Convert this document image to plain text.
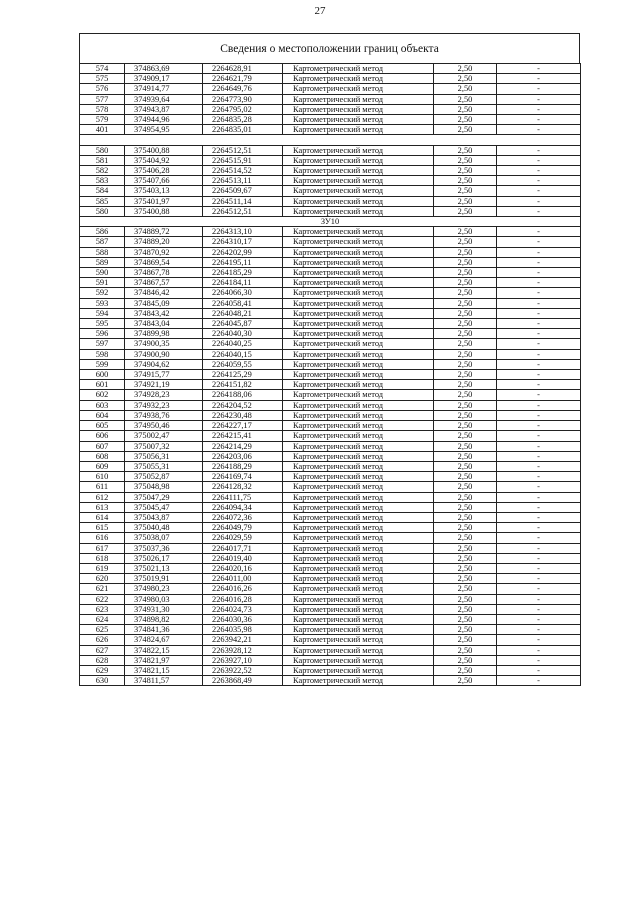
27
Сведения о местоположении границ объекта
574	374863,69	2264628,91	Картометрический метод	2,50	-
575	374909,17	2264621,79	Картометрический метод	2,50	-
576	374914,77	2264649,76	Картометрический метод	2,50	-
577	374939,64	2264773,90	Картометрический метод	2,50	-
578	374943,87	2264795,02	Картометрический метод	2,50	-
579	374944,96	2264835,28	Картометрический метод	2,50	-
401	374954,95	2264835,01	Картометрический метод	2,50	-

580	375400,88	2264512,51	Картометрический метод	2,50	-
581	375404,92	2264515,91	Картометрический метод	2,50	-
582	375406,28	2264514,52	Картометрический метод	2,50	-
583	375407,66	2264513,11	Картометрический метод	2,50	-
584	375403,13	2264509,67	Картометрический метод	2,50	-
585	375401,97	2264511,14	Картометрический метод	2,50	-
580	375400,88	2264512,51	Картометрический метод	2,50	-
ЗУ10					
586	374889,72	2264313,10	Картометрический метод	2,50	-
587	374889,20	2264310,17	Картометрический метод	2,50	-
588	374870,92	2264202,99	Картометрический метод	2,50	-
589	374869,54	2264195,11	Картометрический метод	2,50	-
590	374867,78	2264185,29	Картометрический метод	2,50	-
591	374867,57	2264184,11	Картометрический метод	2,50	-
592	374846,42	2264066,30	Картометрический метод	2,50	-
593	374845,09	2264058,41	Картометрический метод	2,50	-
594	374843,42	2264048,21	Картометрический метод	2,50	-
595	374843,04	2264045,87	Картометрический метод	2,50	-
596	374899,98	2264040,30	Картометрический метод	2,50	-
597	374900,35	2264040,25	Картометрический метод	2,50	-
598	374900,90	2264040,15	Картометрический метод	2,50	-
599	374904,62	2264059,55	Картометрический метод	2,50	-
600	374915,77	2264125,29	Картометрический метод	2,50	-
601	374921,19	2264151,82	Картометрический метод	2,50	-
602	374928,23	2264188,06	Картометрический метод	2,50	-
603	374932,23	2264204,52	Картометрический метод	2,50	-
604	374938,76	2264230,48	Картометрический метод	2,50	-
605	374950,46	2264227,17	Картометрический метод	2,50	-
606	375002,47	2264215,41	Картометрический метод	2,50	-
607	375007,32	2264214,29	Картометрический метод	2,50	-
608	375056,31	2264203,06	Картометрический метод	2,50	-
609	375055,31	2264188,29	Картометрический метод	2,50	-
610	375052,87	2264169,74	Картометрический метод	2,50	-
611	375048,98	2264128,32	Картометрический метод	2,50	-
612	375047,29	2264111,75	Картометрический метод	2,50	-
613	375045,47	2264094,34	Картометрический метод	2,50	-
614	375043,87	2264072,36	Картометрический метод	2,50	-
615	375040,48	2264049,79	Картометрический метод	2,50	-
616	375038,07	2264029,59	Картометрический метод	2,50	-
617	375037,36	2264017,71	Картометрический метод	2,50	-
618	375026,17	2264019,40	Картометрический метод	2,50	-
619	375021,13	2264020,16	Картометрический метод	2,50	-
620	375019,91	2264011,00	Картометрический метод	2,50	-
621	374980,23	2264016,26	Картометрический метод	2,50	-
622	374980,03	2264016,28	Картометрический метод	2,50	-
623	374931,30	2264024,73	Картометрический метод	2,50	-
624	374898,82	2264030,36	Картометрический метод	2,50	-
625	374841,36	2264035,98	Картометрический метод	2,50	-
626	374824,67	2263942,21	Картометрический метод	2,50	-
627	374822,15	2263928,12	Картометрический метод	2,50	-
628	374821,97	2263927,10	Картометрический метод	2,50	-
629	374821,15	2263922,52	Картометрический метод	2,50	-
630	374811,57	2263868,49	Картометрический метод	2,50	-
